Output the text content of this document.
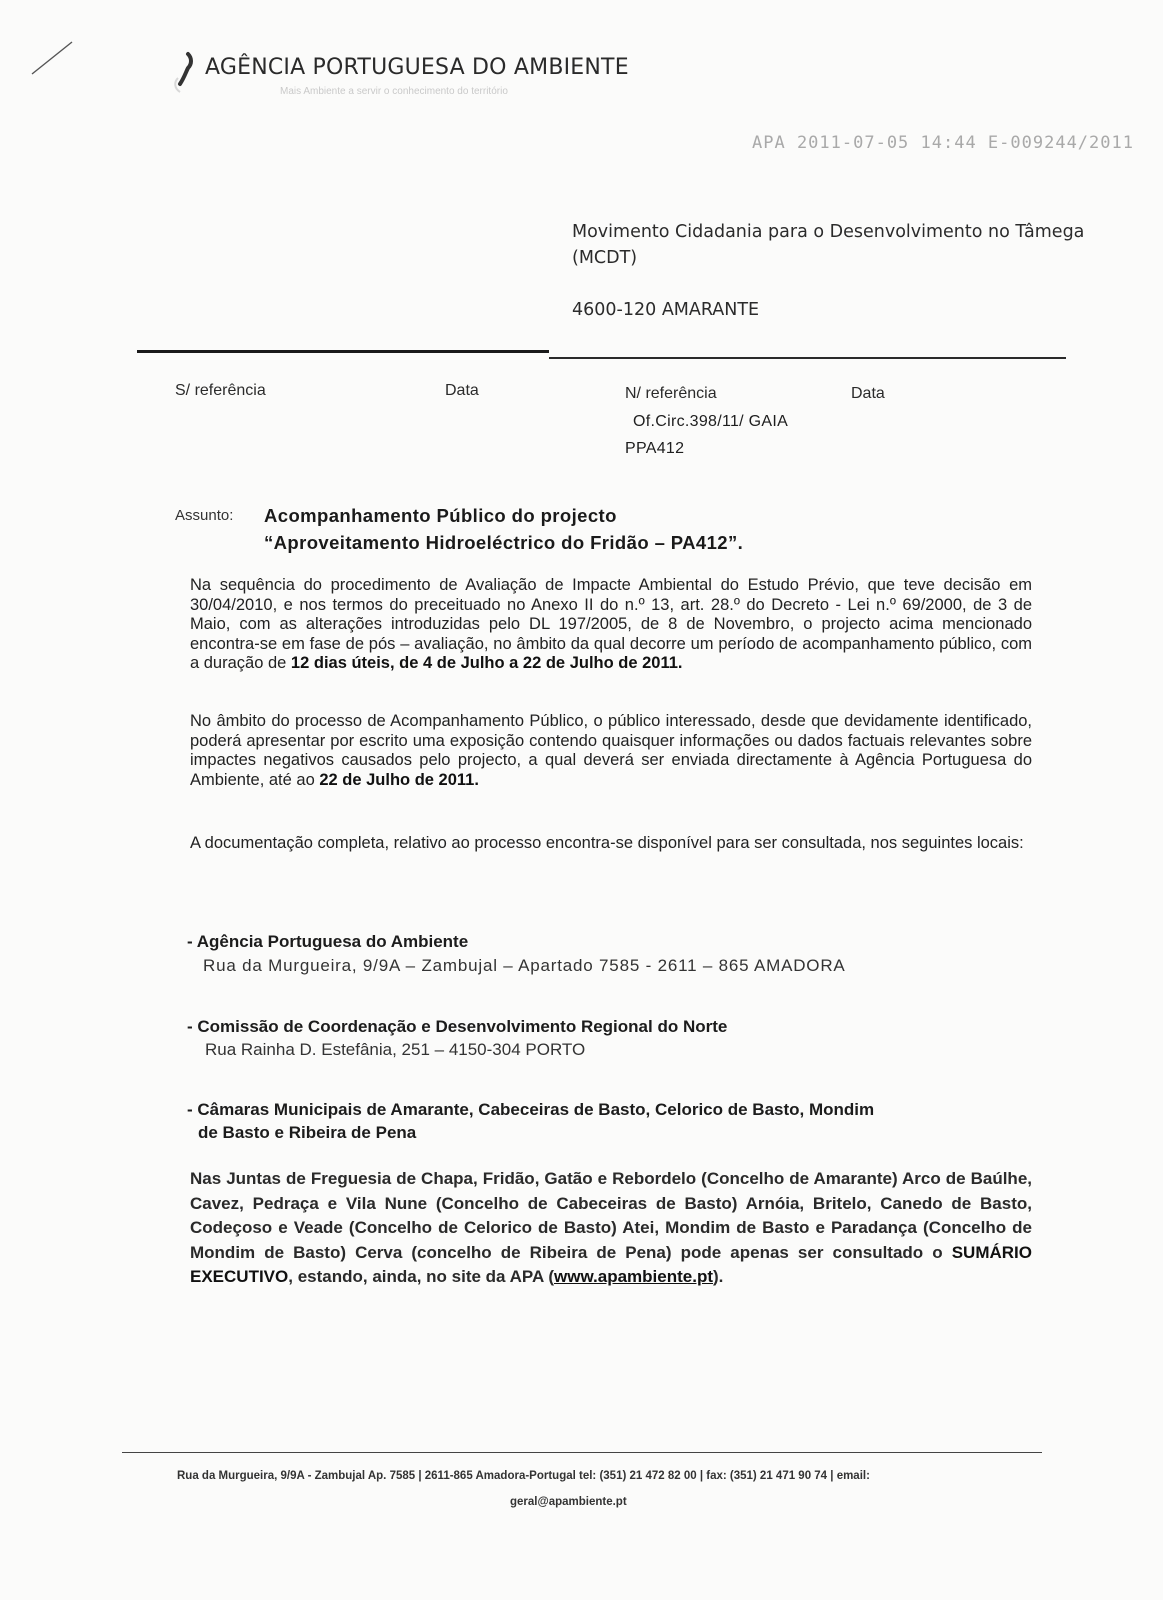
AGÊNCIA PORTUGUESA DO AMBIENTE
Mais Ambiente a servir o conhecimento do território
APA 2011-07-05 14:44 E-009244/2011
Movimento Cidadania para o Desenvolvimento no Tâmega
(MCDT)
4600-120 AMARANTE
S/ referência	Data	N/ referência	Data
Of.Circ.398/11/ GAIA
PPA412
Assunto: Acompanhamento Público do projecto
“Aproveitamento Hidroeléctrico do Fridão – PA412”.
Na sequência do procedimento de Avaliação de Impacte Ambiental do Estudo Prévio, que teve decisão em 30/04/2010, e nos termos do preceituado no Anexo II do n.º 13, art. 28.º do Decreto - Lei n.º 69/2000, de 3 de Maio, com as alterações introduzidas pelo DL 197/2005, de 8 de Novembro, o projecto acima mencionado encontra-se em fase de pós – avaliação, no âmbito da qual decorre um período de acompanhamento público, com a duração de 12 dias úteis, de 4 de Julho a 22 de Julho de 2011.
No âmbito do processo de Acompanhamento Público, o público interessado, desde que devidamente identificado, poderá apresentar por escrito uma exposição contendo quaisquer informações ou dados factuais relevantes sobre impactes negativos causados pelo projecto, a qual deverá ser enviada directamente à Agência Portuguesa do Ambiente, até ao 22 de Julho de 2011.
A documentação completa, relativo ao processo encontra-se disponível para ser consultada, nos seguintes locais:
- Agência Portuguesa do Ambiente
Rua da Murgueira, 9/9A – Zambujal – Apartado 7585 - 2611 – 865 AMADORA
- Comissão de Coordenação e Desenvolvimento Regional do Norte
Rua Rainha D. Estefânia, 251 – 4150-304 PORTO
- Câmaras Municipais de Amarante, Cabeceiras de Basto, Celorico de Basto, Mondim
de Basto e Ribeira de Pena
Nas Juntas de Freguesia de Chapa, Fridão, Gatão e Rebordelo (Concelho de Amarante) Arco de Baúlhe, Cavez, Pedraça e Vila Nune (Concelho de Cabeceiras de Basto) Arnóia, Britelo, Canedo de Basto, Codeçoso e Veade (Concelho de Celorico de Basto) Atei, Mondim de Basto e Paradança (Concelho de Mondim de Basto) Cerva (concelho de Ribeira de Pena) pode apenas ser consultado o SUMÁRIO EXECUTIVO, estando, ainda, no site da APA (www.apambiente.pt).
Rua da Murgueira, 9/9A - Zambujal Ap. 7585 | 2611-865 Amadora-Portugal tel: (351) 21 472 82 00 | fax: (351) 21 471 90 74 | email:
geral@apambiente.pt
